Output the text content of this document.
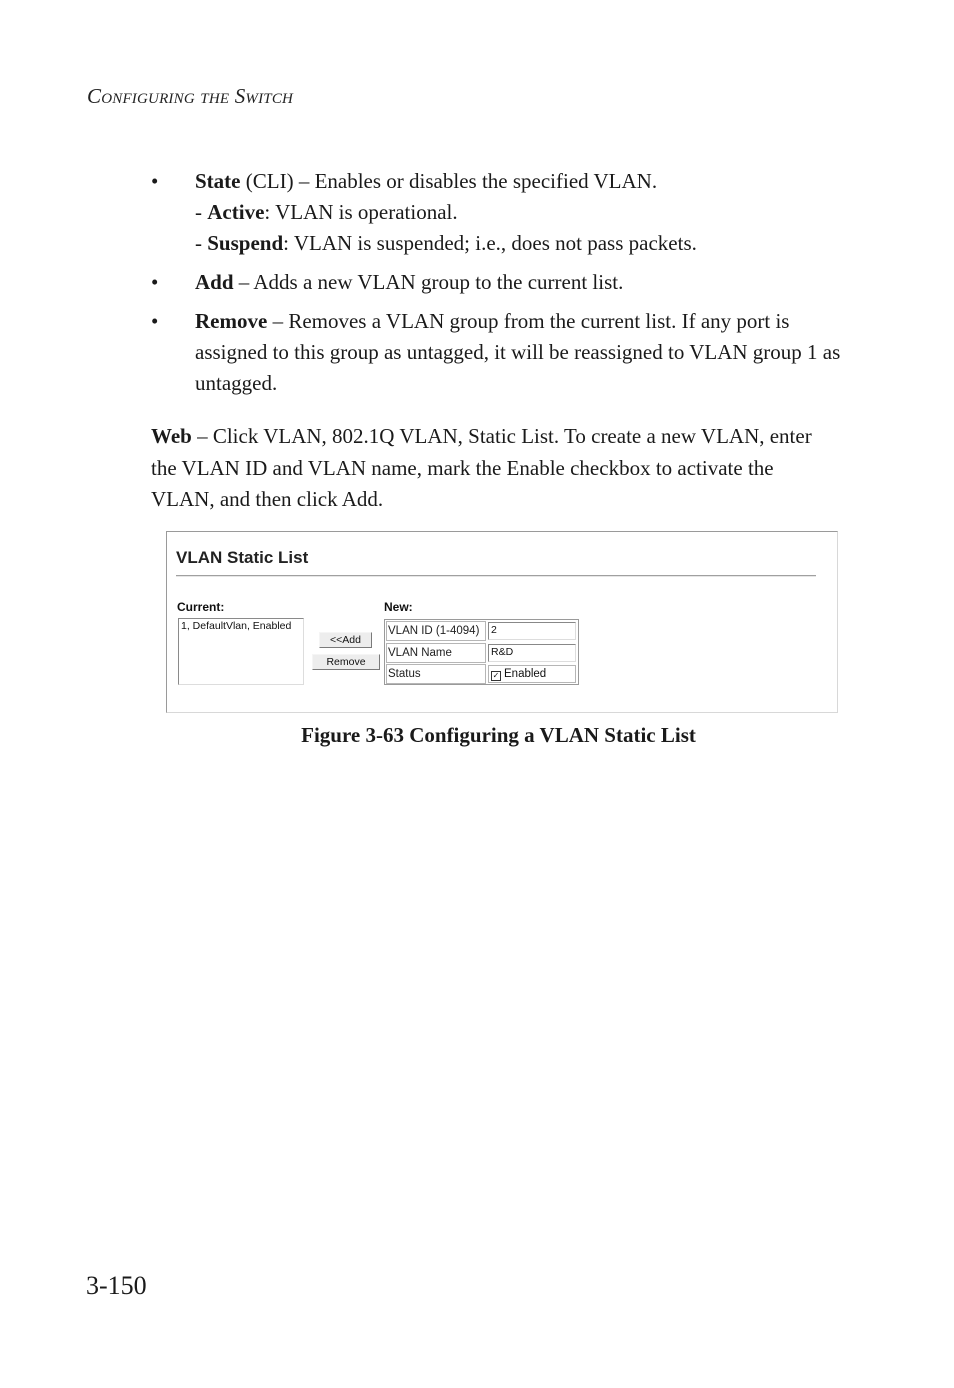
Configuring the Switch
• State (CLI) – Enables or disables the specified VLAN.
- Active: VLAN is operational.
- Suspend: VLAN is suspended; i.e., does not pass packets.
• Add – Adds a new VLAN group to the current list.
• Remove – Removes a VLAN group from the current list. If any port is assigned to this group as untagged, it will be reassigned to VLAN group 1 as untagged.
Web – Click VLAN, 802.1Q VLAN, Static List. To create a new VLAN, enter the VLAN ID and VLAN name, mark the Enable checkbox to activate the VLAN, and then click Add.
VLAN Static List
Current:
1, DefaultVlan, Enabled
<<Add
Remove
New:
VLAN ID (1-4094)	2
VLAN Name	R&D
Status	✓ Enabled
Figure 3-63 Configuring a VLAN Static List
3-150
